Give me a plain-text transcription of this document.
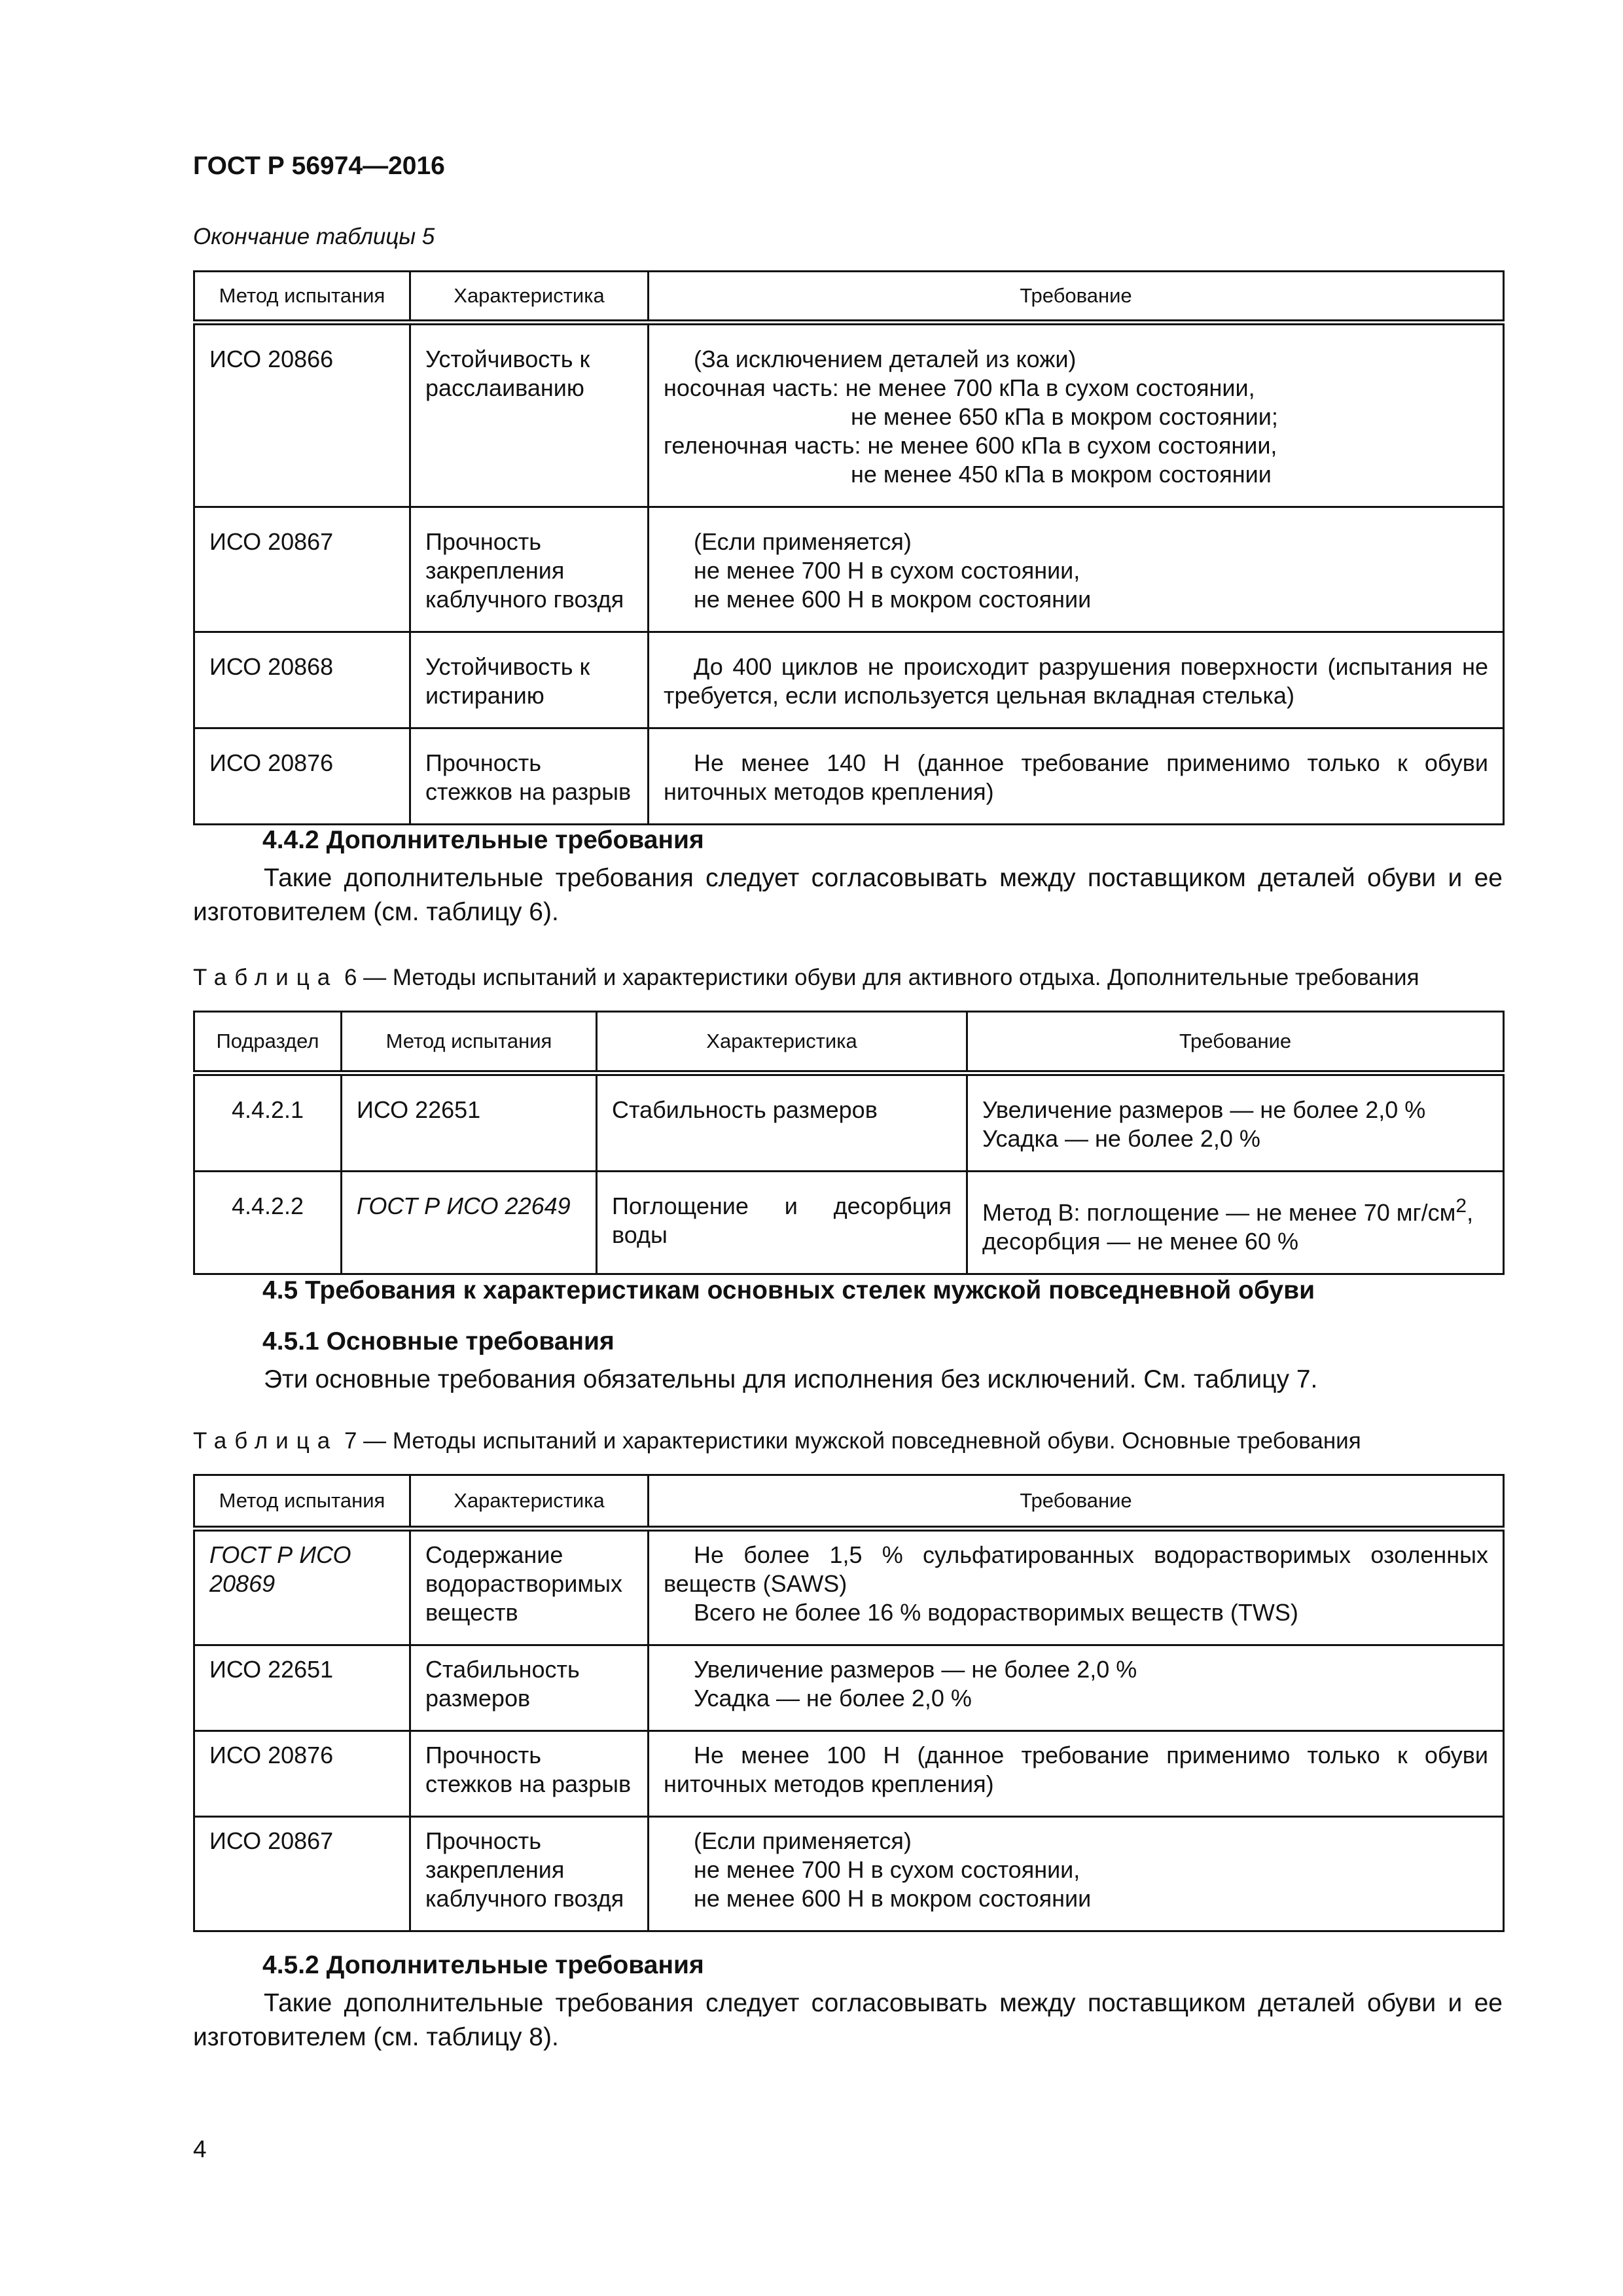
ГОСТ Р 56974—2016
Окончание таблицы 5
Метод испытания	Характеристика	Требование
ИСО 20866	Устойчивость к расслаиванию	(За исключением деталей из кожи)
носочная часть: не менее 700 кПа в сухом состоянии,
не менее 650 кПа в мокром состоянии;
геленочная часть: не менее 600 кПа в сухом состоянии,
не менее 450 кПа в мокром состоянии

ИСО 20867	Прочность закрепления каблучного гвоздя	(Если применяется)
не менее 700 Н в сухом состоянии,
не менее 600 Н в мокром состоянии

ИСО 20868	Устойчивость к истиранию	До 400 циклов не происходит разрушения поверхности (испытания не требуется, если используется цельная вкладная стелька)
ИСО 20876	Прочность стежков на разрыв	Не менее 140 Н (данное требование применимо только к обуви ниточных методов крепления)
4.4.2 Дополнительные требования
Такие дополнительные требования следует согласовывать между поставщиком деталей обуви и ее изготовителем (см. таблицу 6).
Таблица 6 — Методы испытаний и характеристики обуви для активного отдыха. Дополнительные требования
Подраздел	Метод испытания	Характеристика	Требование
4.4.2.1	ИСО 22651	Стабильность размеров	Увеличение размеров — не более 2,0 %
Усадка — не более 2,0 %

4.4.2.2	ГОСТ Р ИСО 22649	Поглощение и десорбция воды	Метод В: поглощение — не менее 70 $мг/см^2$,
десорбция — не менее 60 %
4.5 Требования к характеристикам основных стелек мужской повседневной обуви
4.5.1 Основные требования
Эти основные требования обязательны для исполнения без исключений. См. таблицу 7.
Таблица 7 — Методы испытаний и характеристики мужской повседневной обуви. Основные требования
Метод испытания	Характеристика	Требование
ГОСТ Р ИСО 20869	Содержание водорастворимых веществ	Не более 1,5 % сульфатированных водорастворимых озоленных веществ (SAWS)
Всего не более 16 % водорастворимых веществ (TWS)

ИСО 22651	Стабильность размеров	Увеличение размеров — не более 2,0 %
Усадка — не более 2,0 %

ИСО 20876	Прочность стежков на разрыв	Не менее 100 Н (данное требование применимо только к обуви ниточных методов крепления)
ИСО 20867	Прочность закрепления каблучного гвоздя	(Если применяется)
не менее 700 Н в сухом состоянии,
не менее 600 Н в мокром состоянии
4.5.2 Дополнительные требования
Такие дополнительные требования следует согласовывать между поставщиком деталей обуви и ее изготовителем (см. таблицу 8).
4
